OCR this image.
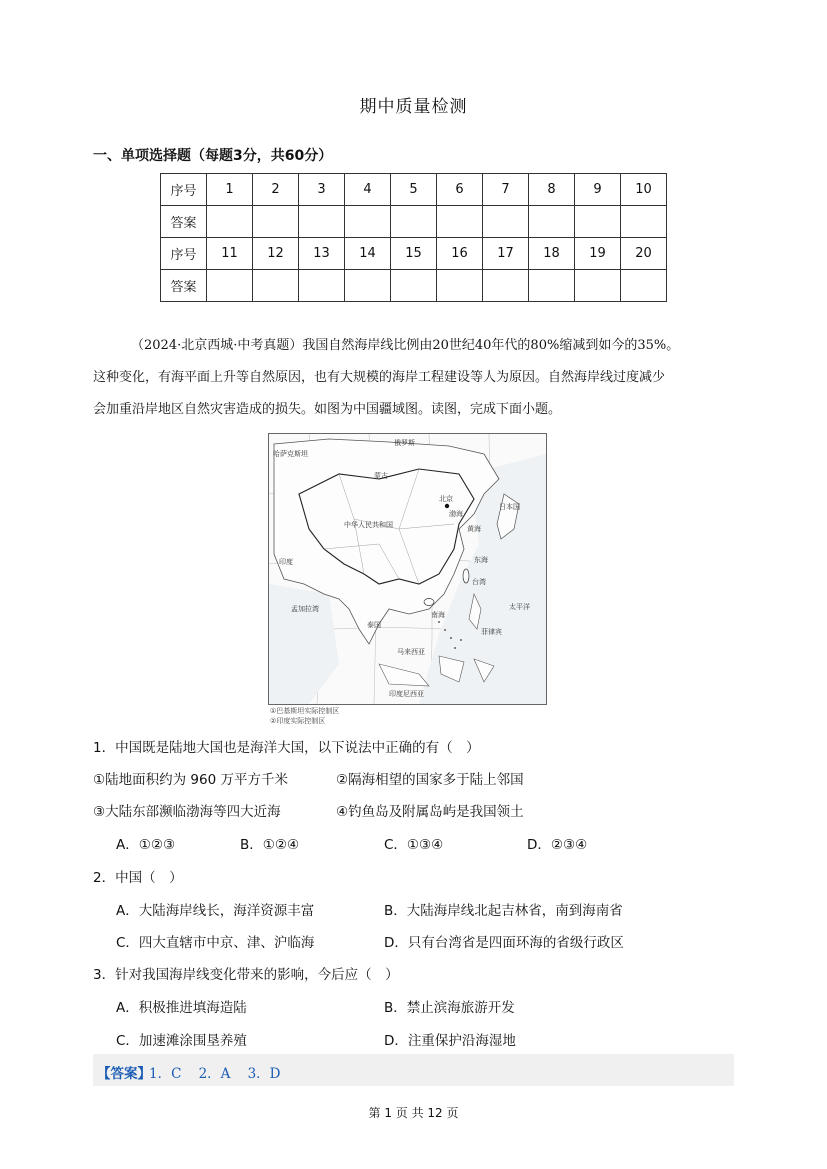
期中质量检测
一、单项选择题（每题3分，共60分）
序号	1	2	3	4	5	6	7	8	9	10
答案										
序号	11	12	13	14	15	16	17	18	19	20
答案										
（2024·北京西城·中考真题）我国自然海岸线比例由20世纪40年代的80%缩减到如今的35%。
这种变化，有海平面上升等自然原因，也有大规模的海岸工程建设等人为原因。自然海岸线过度减少
会加重沿岸地区自然灾害造成的损失。如图为中国疆域图。读图，完成下面小题。
俄罗斯
哈萨克斯坦
蒙古
中华人民共和国
北京
日本国
渤海
黄海
东海
台湾
南海
太平洋
印度
孟加拉湾
泰国
菲律宾
马来西亚
印度尼西亚
①巴基斯坦实际控制区
②印度实际控制区
1．中国既是陆地大国也是海洋大国，以下说法中正确的有（　）
①陆地面积约为 960 万平方千米	②隔海相望的国家多于陆上邻国
③大陆东部濒临渤海等四大近海	④钓鱼岛及附属岛屿是我国领土
A．①②③	B．①②④	C．①③④	D．②③④
2．中国（　）
A．大陆海岸线长，海洋资源丰富	B．大陆海岸线北起吉林省，南到海南省
C．四大直辖市中京、津、沪临海	D．只有台湾省是四面环海的省级行政区
3．针对我国海岸线变化带来的影响，今后应（　）
A．积极推进填海造陆	B．禁止滨海旅游开发
C．加速滩涂围垦养殖	D．注重保护沿海湿地
【答案】
1．C    2．A    3．D
第 1 页 共 12 页
